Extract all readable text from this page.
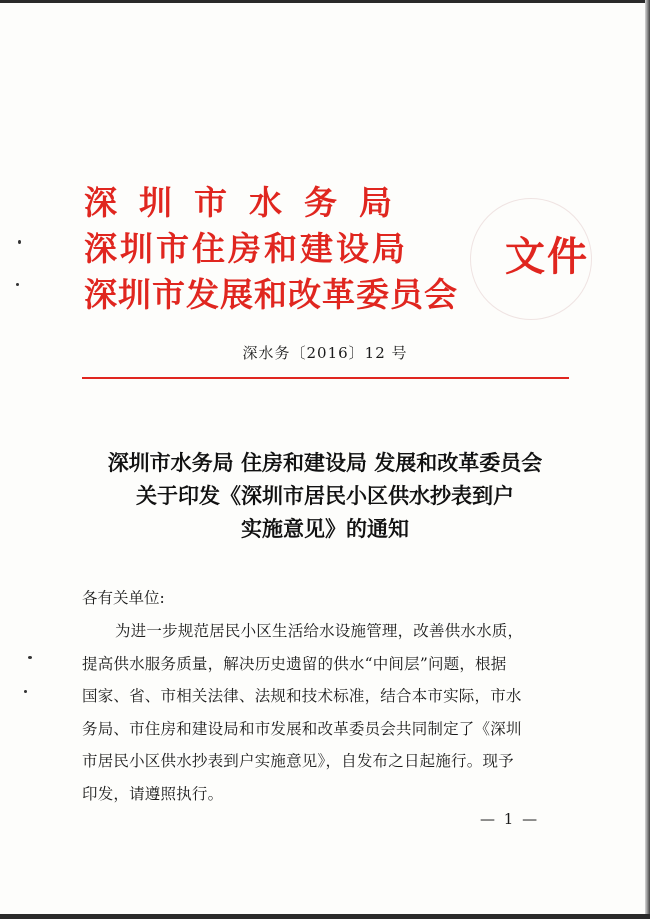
深圳市水务局
深圳市住房和建设局
深圳市发展和改革委员会
文件
深水务〔2016〕12 号
深圳市水务局 住房和建设局 发展和改革委员会
关于印发《深圳市居民小区供水抄表到户
实施意见》的通知
各有关单位:
为进一步规范居民小区生活给水设施管理，改善供水水质，
提高供水服务质量，解决历史遗留的供水“中间层”问题，根据
国家、省、市相关法律、法规和技术标准，结合本市实际，市水
务局、市住房和建设局和市发展和改革委员会共同制定了《深圳
市居民小区供水抄表到户实施意见》，自发布之日起施行。现予
印发，请遵照执行。
— 1 —
